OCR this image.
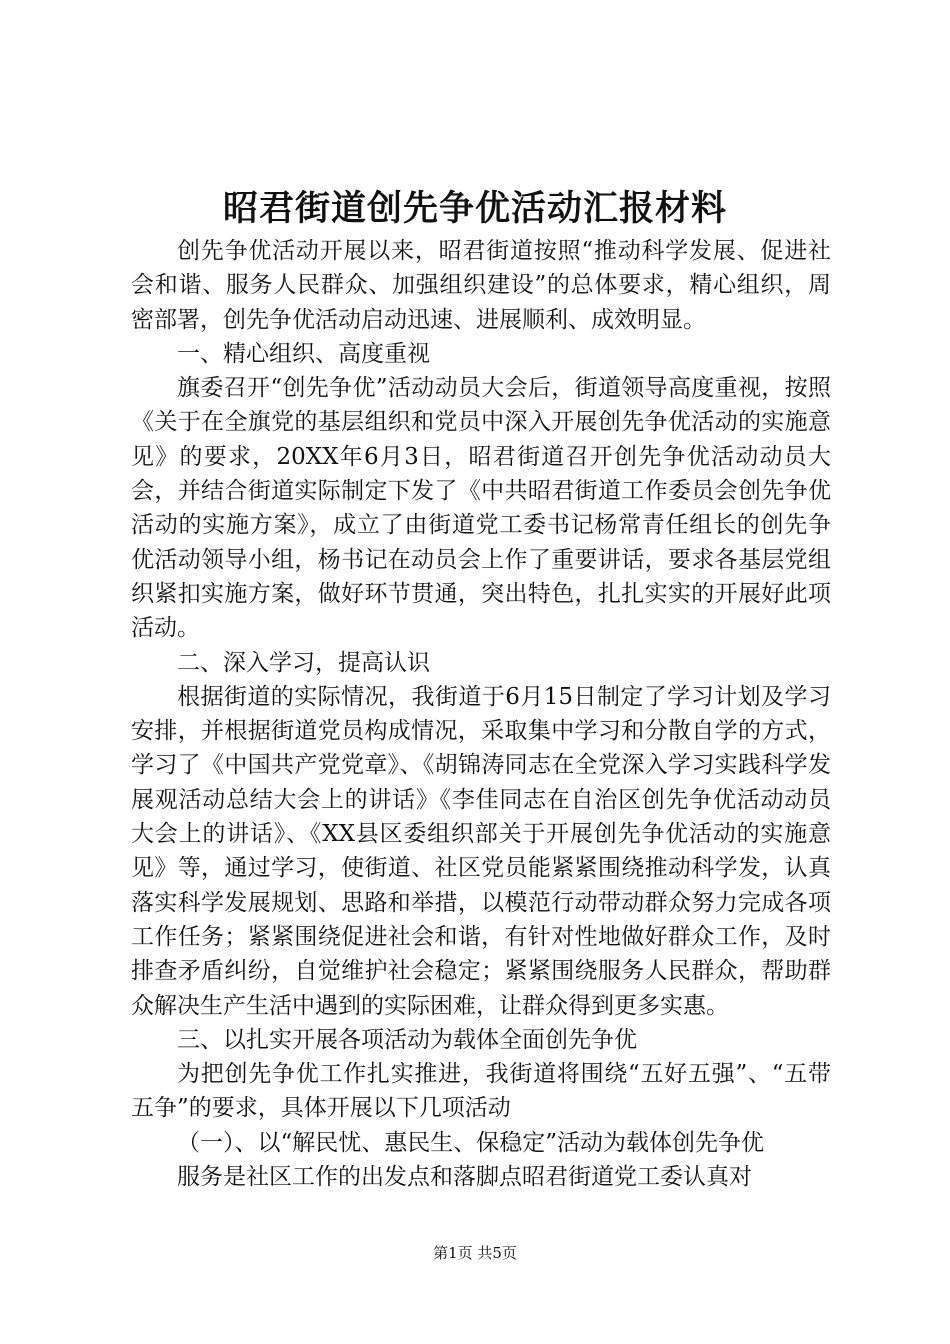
昭君街道创先争优活动汇报材料

创先争优活动开展以来，昭君街道按照“推动科学发展、促进社会和谐、服务人民群众、加强组织建设”的总体要求，精心组织，周密部署，创先争优活动启动迅速、进展顺利、成效明显。

一、精心组织、高度重视

旗委召开“创先争优”活动动员大会后，街道领导高度重视，按照《关于在全旗党的基层组织和党员中深入开展创先争优活动的实施意见》的要求，20XX年6月3日，昭君街道召开创先争优活动动员大会，并结合街道实际制定下发了《中共昭君街道工作委员会创先争优活动的实施方案》，成立了由街道党工委书记杨常青任组长的创先争优活动领导小组，杨书记在动员会上作了重要讲话，要求各基层党组织紧扣实施方案，做好环节贯通，突出特色，扎扎实实的开展好此项活动。

二、深入学习，提高认识

根据街道的实际情况，我街道于6月15日制定了学习计划及学习安排，并根据街道党员构成情况，采取集中学习和分散自学的方式，学习了《中国共产党党章》、《胡锦涛同志在全党深入学习实践科学发展观活动总结大会上的讲话》《李佳同志在自治区创先争优活动动员大会上的讲话》、《XX县区委组织部关于开展创先争优活动的实施意见》等，通过学习，使街道、社区党员能紧紧围绕推动科学发，认真落实科学发展规划、思路和举措，以模范行动带动群众努力完成各项工作任务；紧紧围绕促进社会和谐，有针对性地做好群众工作，及时排查矛盾纠纷，自觉维护社会稳定；紧紧围绕服务人民群众，帮助群众解决生产生活中遇到的实际困难，让群众得到更多实惠。

三、以扎实开展各项活动为载体全面创先争优

为把创先争优工作扎实推进，我街道将围绕“五好五强”、“五带五争”的要求，具体开展以下几项活动

（一）、以“解民忧、惠民生、保稳定”活动为载体创先争优

服务是社区工作的出发点和落脚点昭君街道党工委认真对

第1页 共5页
